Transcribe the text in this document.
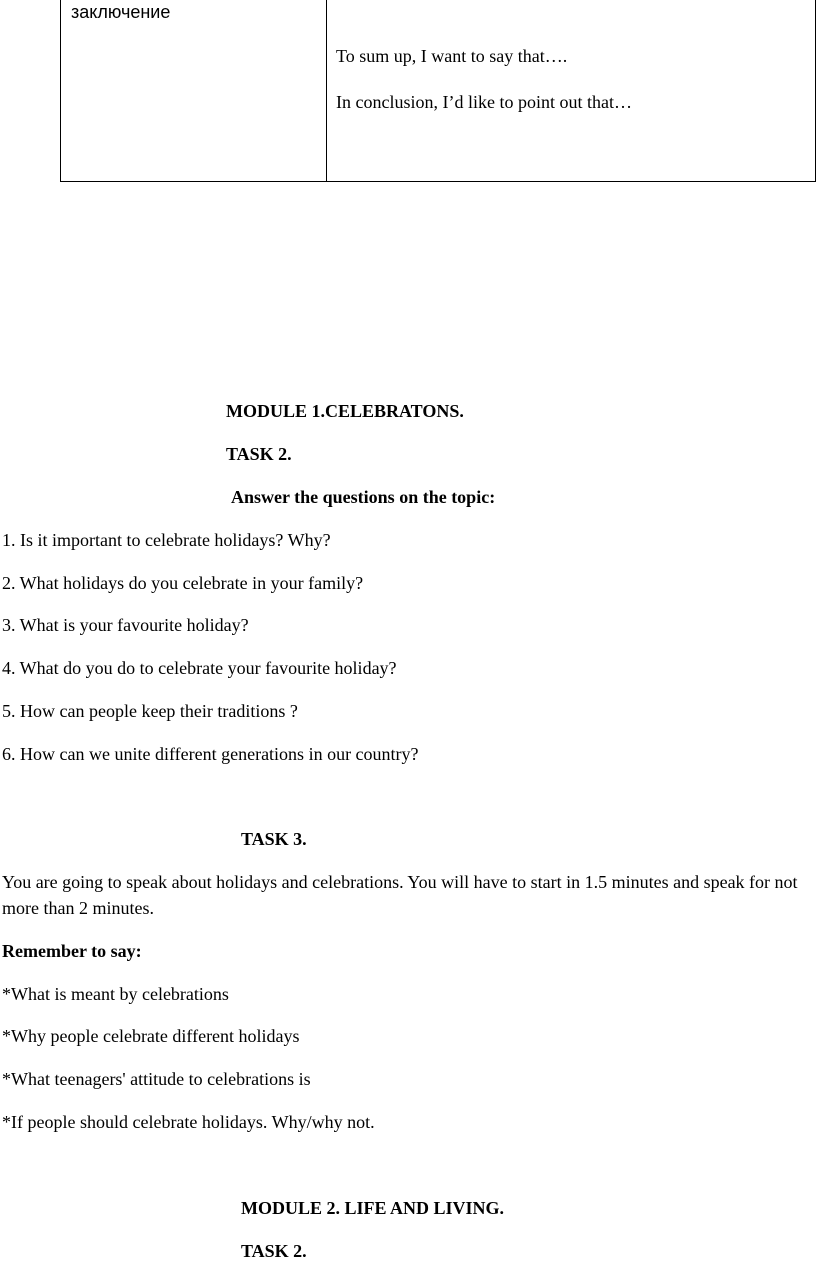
заключение
To sum up, I want to say that….
In conclusion, I’d like to point out that…
MODULE 1.CELEBRATONS.
TASK 2.
Answer the questions on the topic:
1. Is it important to celebrate holidays? Why?
2. What holidays do you celebrate in your family?
3. What is your favourite holiday?
4. What do you do to celebrate your favourite holiday?
5. How can people keep their traditions ?
6. How can we unite different generations in our country?
TASK 3.
You are going to speak about holidays and celebrations. You will have to start in 1.5 minutes and speak for not more than 2 minutes.
Remember to say:
*What is meant by celebrations
*Why people celebrate different holidays
*What teenagers' attitude to celebrations is
*If people should celebrate holidays. Why/why not.
MODULE 2. LIFE AND LIVING.
TASK 2.
